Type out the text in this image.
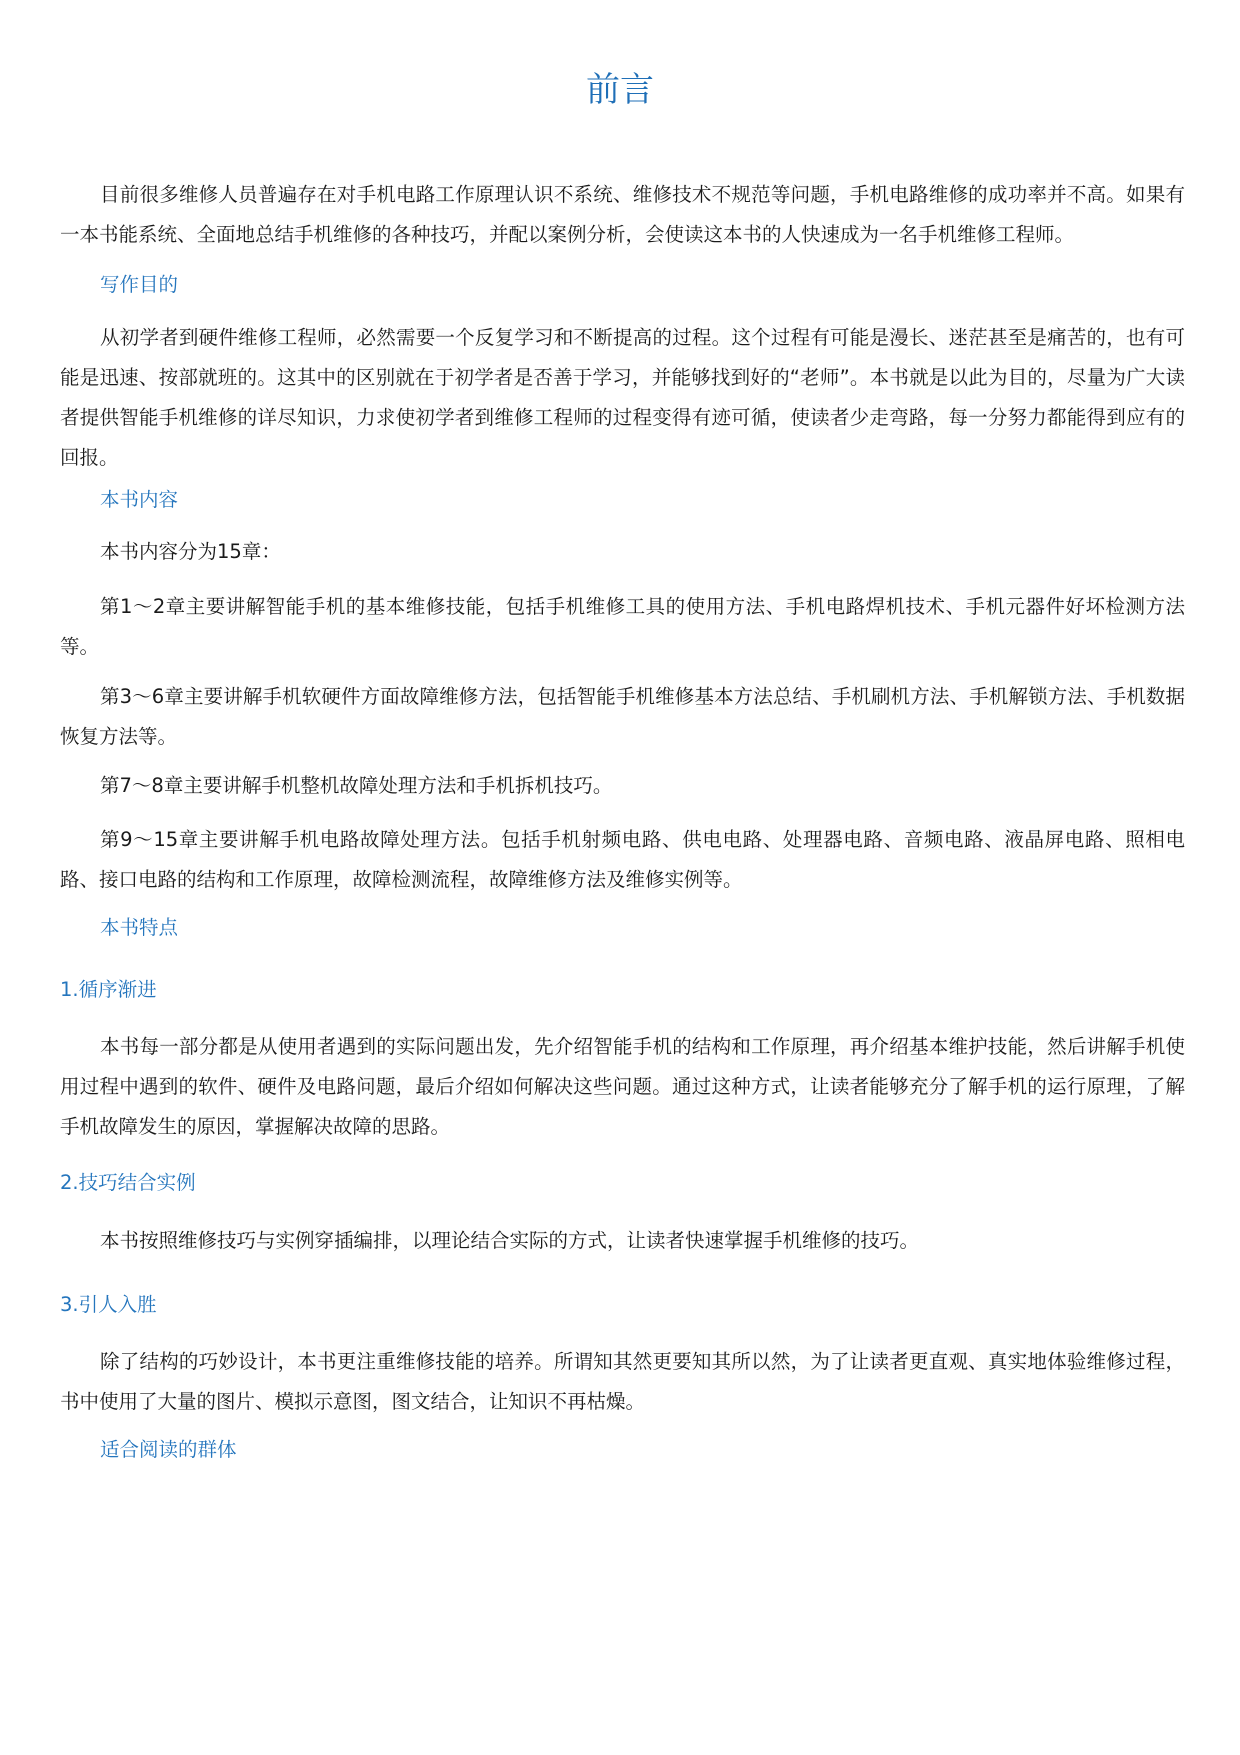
前言

目前很多维修人员普遍存在对手机电路工作原理认识不系统、维修技术不规范等问题，手机电路维修的成功率并不高。如果有一本书能系统、全面地总结手机维修的各种技巧，并配以案例分析，会使读这本书的人快速成为一名手机维修工程师。

写作目的

从初学者到硬件维修工程师，必然需要一个反复学习和不断提高的过程。这个过程有可能是漫长、迷茫甚至是痛苦的，也有可能是迅速、按部就班的。这其中的区别就在于初学者是否善于学习，并能够找到好的“老师”。本书就是以此为目的，尽量为广大读者提供智能手机维修的详尽知识，力求使初学者到维修工程师的过程变得有迹可循，使读者少走弯路，每一分努力都能得到应有的回报。

本书内容

本书内容分为15章：

第1～2章主要讲解智能手机的基本维修技能，包括手机维修工具的使用方法、手机电路焊机技术、手机元器件好坏检测方法等。

第3～6章主要讲解手机软硬件方面故障维修方法，包括智能手机维修基本方法总结、手机刷机方法、手机解锁方法、手机数据恢复方法等。

第7～8章主要讲解手机整机故障处理方法和手机拆机技巧。

第9～15章主要讲解手机电路故障处理方法。包括手机射频电路、供电电路、处理器电路、音频电路、液晶屏电路、照相电路、接口电路的结构和工作原理，故障检测流程，故障维修方法及维修实例等。

本书特点

1.循序渐进

本书每一部分都是从使用者遇到的实际问题出发，先介绍智能手机的结构和工作原理，再介绍基本维护技能，然后讲解手机使用过程中遇到的软件、硬件及电路问题，最后介绍如何解决这些问题。通过这种方式，让读者能够充分了解手机的运行原理，了解手机故障发生的原因，掌握解决故障的思路。

2.技巧结合实例

本书按照维修技巧与实例穿插编排，以理论结合实际的方式，让读者快速掌握手机维修的技巧。

3.引人入胜

除了结构的巧妙设计，本书更注重维修技能的培养。所谓知其然更要知其所以然，为了让读者更直观、真实地体验维修过程，书中使用了大量的图片、模拟示意图，图文结合，让知识不再枯燥。

适合阅读的群体
